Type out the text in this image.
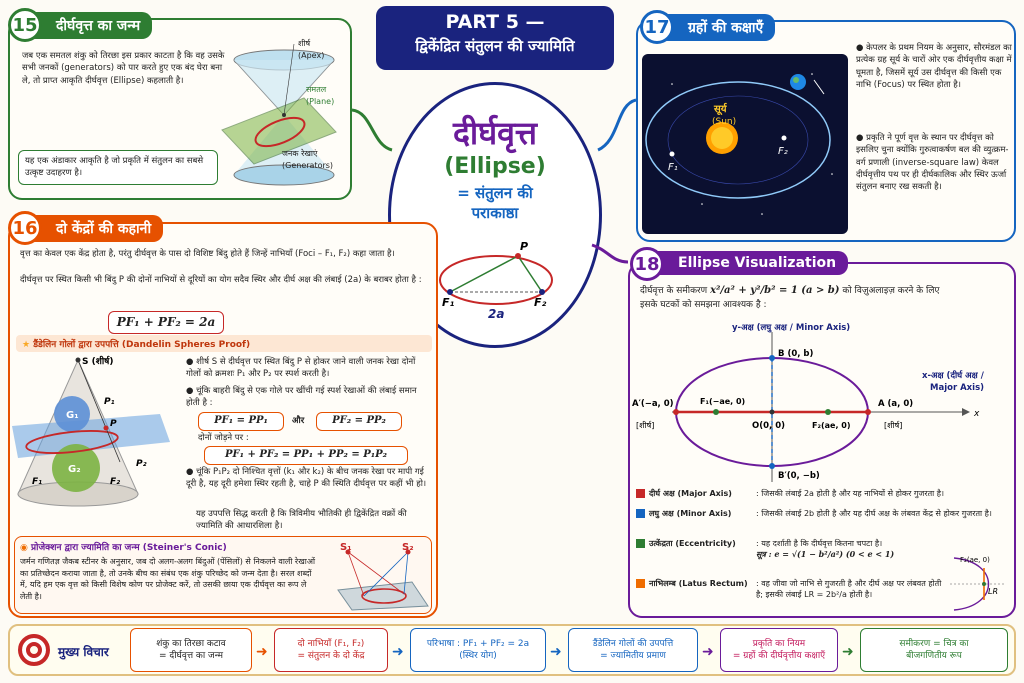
PART 5 —
द्विकेंद्रित संतुलन की ज्यामिति
दीर्घवृत्त
(Ellipse)
= संतुलन की
पराकाष्ठा
P
F₁	F₂
2a
15	दीर्घवृत्त का जन्म
जब एक समतल शंकु को तिरछा इस प्रकार काटता है कि वह उसके सभी जनकों (generators) को पार करते हुए एक बंद घेरा बना ले, तो प्राप्त आकृति दीर्घवृत्त (Ellipse) कहलाती है।
यह एक अंडाकार आकृति है जो प्रकृति में संतुलन का सबसे उत्कृष्ट उदाहरण है।
शीर्ष
(Apex)
समतल
(Plane)
जनक रेखाएं
(Generators)
16	दो केंद्रों की कहानी
वृत्त का केवल एक केंद्र होता है, परंतु दीर्घवृत्त के पास दो विशिष्ट बिंदु होते हैं जिन्हें नाभियाँ (Foci – F₁, F₂) कहा जाता है।
दीर्घवृत्त पर स्थित किसी भी बिंदु P की दोनों नाभियों से दूरियों का योग सदैव स्थिर और दीर्घ अक्ष की लंबाई (2a) के बराबर होता है :
PF₁ + PF₂ = 2a
★ डैंडेलिन गोलों द्वारा उपपत्ति (Dandelin Spheres Proof)
S (शीर्ष)
G₁
G₂
P₁
P
P₂
F₁	F₂
● शीर्ष S से दीर्घवृत्त पर स्थित बिंदु P से होकर जाने वाली जनक रेखा दोनों गोलों को क्रमशः P₁ और P₂ पर स्पर्श करती है।
● चूंकि बाहरी बिंदु से एक गोले पर खींची गई स्पर्श रेखाओं की लंबाई समान होती है :
PF₁ = PP₁	और	PF₂ = PP₂
दोनों जोड़ने पर :
PF₁ + PF₂ = PP₁ + PP₂ = P₁P₂
● चूंकि P₁P₂ दो निश्चित वृत्तों (k₁ और k₂) के बीच जनक रेखा पर मापी गई दूरी है, यह दूरी हमेशा स्थिर रहती है, चाहे P की स्थिति दीर्घवृत्त पर कहीं भी हो।
यह उपपत्ति सिद्ध करती है कि त्रिविमीय भौतिकी ही द्विकेंद्रित वक्रों की ज्यामिति की आधारशिला है।
◉ प्रोजेक्शन द्वारा ज्यामिति का जन्म (Steiner's Conic)
जर्मन गणितज्ञ जैकब स्टीनर के अनुसार, जब दो अलग-अलग बिंदुओं (पेंसिलों) से निकलने वाली रेखाओं का प्रतिच्छेदन कराया जाता है, तो उनके बीच का संबंध एक शंकु परिच्छेद को जन्म देता है। सरल शब्दों में, यदि हम एक वृत्त को किसी विशेष कोण पर प्रोजेक्ट करें, तो उसकी छाया एक दीर्घवृत्त का रूप ले लेती है।
S₁	S₂
17	ग्रहों की कक्षाएँ
सूर्य
(Sun)
F₁
F₂
● केपलर के प्रथम नियम के अनुसार, सौरमंडल का प्रत्येक ग्रह सूर्य के चारों ओर एक दीर्घवृत्तीय कक्षा में घूमता है, जिसमें सूर्य उस दीर्घवृत्त की किसी एक नाभि (Focus) पर स्थित होता है।
● प्रकृति ने पूर्ण वृत्त के स्थान पर दीर्घवृत्त को इसलिए चुना क्योंकि गुरुत्वाकर्षण बल की व्युत्क्रम-वर्ग प्रणाली (inverse-square law) केवल दीर्घवृत्तीय पथ पर ही दीर्घकालिक और स्थिर ऊर्जा संतुलन बनाए रख सकती है।
18	Ellipse Visualization
दीर्घवृत्त के समीकरण x²/a² + y²/b² = 1 (a > b) को विज़ुअलाइज़ करने के लिए
इसके घटकों को समझना आवश्यक है :
y-अक्ष (लघु अक्ष / Minor Axis)
x-अक्ष (दीर्घ अक्ष /
Major Axis)
x
B (0, b)
B′(0, −b)
A (a, 0)
A′(−a, 0)
O(0, 0)
F₁(−ae, 0)
F₂(ae, 0)
[शीर्ष]	[शीर्ष]
दीर्घ अक्ष (Major Axis)	: जिसकी लंबाई 2a होती है और यह नाभियों से होकर गुजरता है।
लघु अक्ष (Minor Axis)	: जिसकी लंबाई 2b होती है और यह दीर्घ अक्ष के लंबवत केंद्र से होकर गुजरता है।
उत्केंद्रता (Eccentricity)	: यह दर्शाती है कि दीर्घवृत्त कितना चपटा है।
सूत्र : e = √(1 − b²/a²) (0 < e < 1)
नाभिलम्ब (Latus Rectum)	: वह जीवा जो नाभि से गुजरती है और दीर्घ अक्ष पर लंबवत होती है; इसकी लंबाई LR = 2b²/a होती है।
F₂(ae, 0)
LR
मुख्य विचार
शंकु का तिरछा कटाव
= दीर्घवृत्त का जन्म ➜
दो नाभियाँ (F₁, F₂)
= संतुलन के दो केंद्र ➜
परिभाषा : PF₁ + PF₂ = 2a
(स्थिर योग)	➜
डैंडेलिन गोलों की उपपत्ति
= ज्यामितीय प्रमाण	➜
प्रकृति का नियम
= ग्रहों की दीर्घवृत्तीय कक्षाएँ ➜
समीकरण = चित्र का
बीजगणितीय रूप
